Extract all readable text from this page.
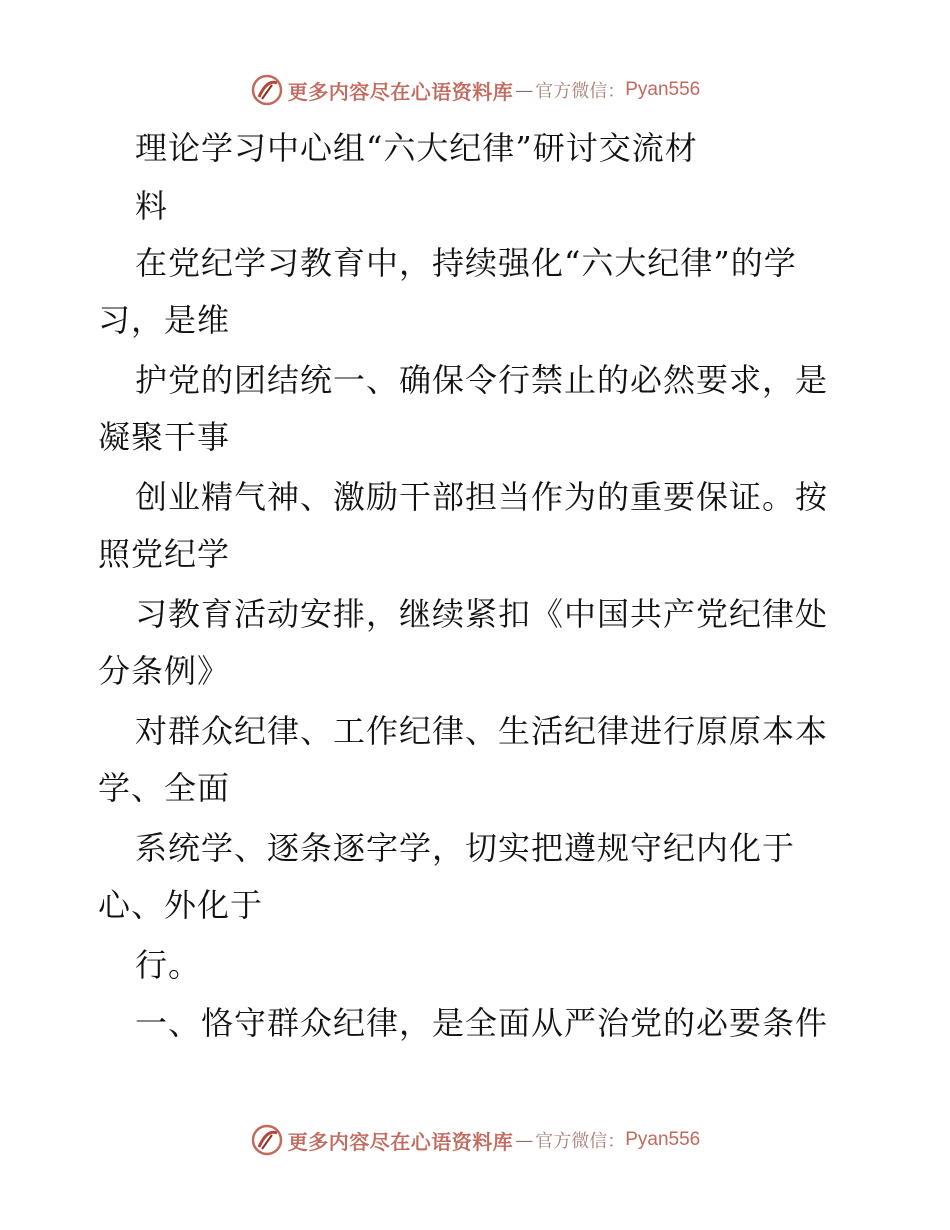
更多内容尽在心语资料库 — 官方微信： Pyan556
理论学习中心组“六大纪律”研讨交流材
料
在党纪学习教育中，持续强化“六大纪律”的学
习，是维
护党的团结统一、确保令行禁止的必然要求，是
凝聚干事
创业精气神、激励干部担当作为的重要保证。按
照党纪学
习教育活动安排，继续紧扣《中国共产党纪律处
分条例》
对群众纪律、工作纪律、生活纪律进行原原本本
学、全面
系统学、逐条逐字学，切实把遵规守纪内化于
心、外化于
行。
一、恪守群众纪律，是全面从严治党的必要条件
更多内容尽在心语资料库 — 官方微信： Pyan556
